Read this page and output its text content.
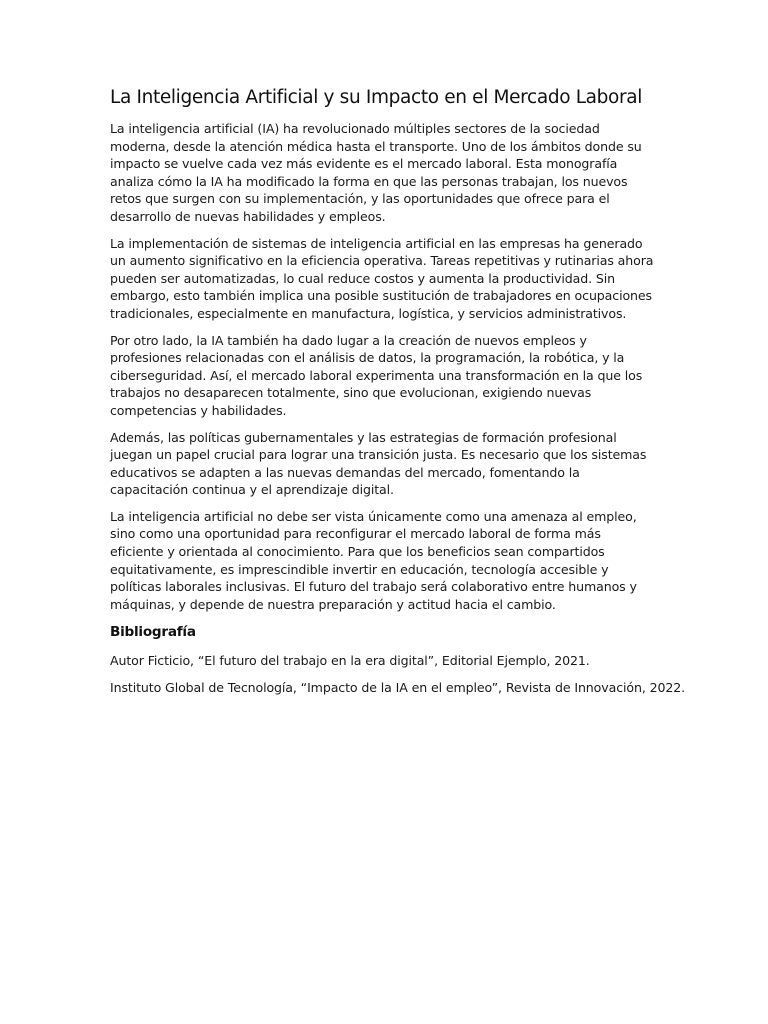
La Inteligencia Artificial y su Impacto en el Mercado Laboral

La inteligencia artificial (IA) ha revolucionado múltiples sectores de la sociedad moderna, desde la atención médica hasta el transporte. Uno de los ámbitos donde su impacto se vuelve cada vez más evidente es el mercado laboral. Esta monografía analiza cómo la IA ha modificado la forma en que las personas trabajan, los nuevos retos que surgen con su implementación, y las oportunidades que ofrece para el desarrollo de nuevas habilidades y empleos.

La implementación de sistemas de inteligencia artificial en las empresas ha generado un aumento significativo en la eficiencia operativa. Tareas repetitivas y rutinarias ahora pueden ser automatizadas, lo cual reduce costos y aumenta la productividad. Sin embargo, esto también implica una posible sustitución de trabajadores en ocupaciones tradicionales, especialmente en manufactura, logística, y servicios administrativos.

Por otro lado, la IA también ha dado lugar a la creación de nuevos empleos y profesiones relacionadas con el análisis de datos, la programación, la robótica, y la ciberseguridad. Así, el mercado laboral experimenta una transformación en la que los trabajos no desaparecen totalmente, sino que evolucionan, exigiendo nuevas competencias y habilidades.

Además, las políticas gubernamentales y las estrategias de formación profesional juegan un papel crucial para lograr una transición justa. Es necesario que los sistemas educativos se adapten a las nuevas demandas del mercado, fomentando la capacitación continua y el aprendizaje digital.

La inteligencia artificial no debe ser vista únicamente como una amenaza al empleo, sino como una oportunidad para reconfigurar el mercado laboral de forma más eficiente y orientada al conocimiento. Para que los beneficios sean compartidos equitativamente, es imprescindible invertir en educación, tecnología accesible y políticas laborales inclusivas. El futuro del trabajo será colaborativo entre humanos y máquinas, y depende de nuestra preparación y actitud hacia el cambio.

Bibliografía

Autor Ficticio, “El futuro del trabajo en la era digital”, Editorial Ejemplo, 2021.

Instituto Global de Tecnología, “Impacto de la IA en el empleo”, Revista de Innovación, 2022.
